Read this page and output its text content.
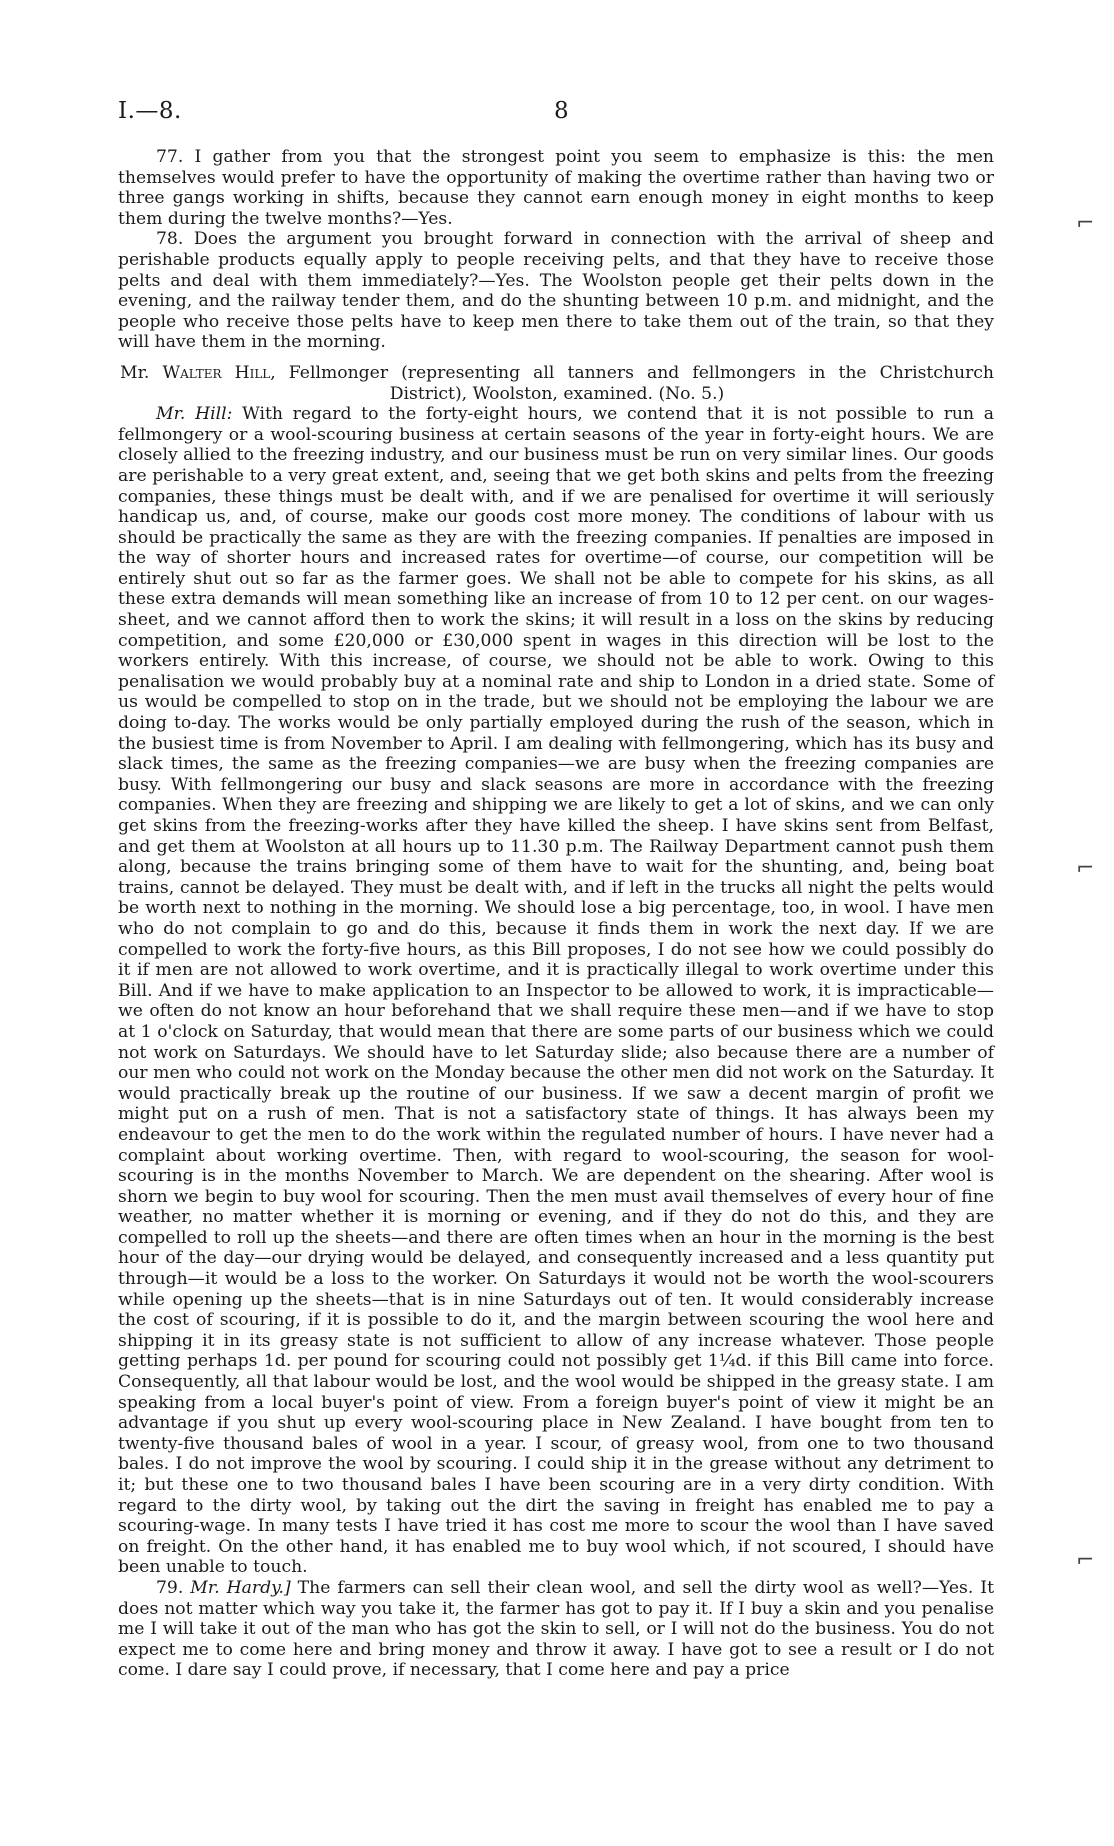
I.—8.	8

77. I gather from you that the strongest point you seem to emphasize is this: the men themselves would prefer to have the opportunity of making the overtime rather than having two or three gangs working in shifts, because they cannot earn enough money in eight months to keep them during the twelve months?—Yes.

78. Does the argument you brought forward in connection with the arrival of sheep and perishable products equally apply to people receiving pelts, and that they have to receive those pelts and deal with them immediately?—Yes. The Woolston people get their pelts down in the evening, and the railway tender them, and do the shunting between 10 p.m. and midnight, and the people who receive those pelts have to keep men there to take them out of the train, so that they will have them in the morning.

Mr. Walter Hill, Fellmonger (representing all tanners and fellmongers in the Christchurch
District), Woolston, examined. (No. 5.)

Mr. Hill: With regard to the forty-eight hours, we contend that it is not possible to run a fellmongery or a wool-scouring business at certain seasons of the year in forty-eight hours. We are closely allied to the freezing industry, and our business must be run on very similar lines. Our goods are perishable to a very great extent, and, seeing that we get both skins and pelts from the freezing companies, these things must be dealt with, and if we are penalised for overtime it will seriously handicap us, and, of course, make our goods cost more money. The conditions of labour with us should be practically the same as they are with the freezing companies. If penalties are imposed in the way of shorter hours and increased rates for overtime—of course, our competition will be entirely shut out so far as the farmer goes. We shall not be able to compete for his skins, as all these extra demands will mean something like an increase of from 10 to 12 per cent. on our wages-sheet, and we cannot afford then to work the skins; it will result in a loss on the skins by reducing competition, and some £20,000 or £30,000 spent in wages in this direction will be lost to the workers entirely. With this increase, of course, we should not be able to work. Owing to this penalisation we would probably buy at a nominal rate and ship to London in a dried state. Some of us would be compelled to stop on in the trade, but we should not be employing the labour we are doing to-day. The works would be only partially employed during the rush of the season, which in the busiest time is from November to April. I am dealing with fellmongering, which has its busy and slack times, the same as the freezing companies—we are busy when the freezing companies are busy. With fellmongering our busy and slack seasons are more in accordance with the freezing companies. When they are freezing and shipping we are likely to get a lot of skins, and we can only get skins from the freezing-works after they have killed the sheep. I have skins sent from Belfast, and get them at Woolston at all hours up to 11.30 p.m. The Railway Department cannot push them along, because the trains bringing some of them have to wait for the shunting, and, being boat trains, cannot be delayed. They must be dealt with, and if left in the trucks all night the pelts would be worth next to nothing in the morning. We should lose a big percentage, too, in wool. I have men who do not complain to go and do this, because it finds them in work the next day. If we are compelled to work the forty-five hours, as this Bill proposes, I do not see how we could possibly do it if men are not allowed to work overtime, and it is practically illegal to work overtime under this Bill. And if we have to make application to an Inspector to be allowed to work, it is impracticable—we often do not know an hour beforehand that we shall require these men—and if we have to stop at 1 o'clock on Saturday, that would mean that there are some parts of our business which we could not work on Saturdays. We should have to let Saturday slide; also because there are a number of our men who could not work on the Monday because the other men did not work on the Saturday. It would practically break up the routine of our business. If we saw a decent margin of profit we might put on a rush of men. That is not a satisfactory state of things. It has always been my endeavour to get the men to do the work within the regulated number of hours. I have never had a complaint about working overtime. Then, with regard to wool-scouring, the season for wool-scouring is in the months November to March. We are dependent on the shearing. After wool is shorn we begin to buy wool for scouring. Then the men must avail themselves of every hour of fine weather, no matter whether it is morning or evening, and if they do not do this, and they are compelled to roll up the sheets—and there are often times when an hour in the morning is the best hour of the day—our drying would be delayed, and consequently increased and a less quantity put through—it would be a loss to the worker. On Saturdays it would not be worth the wool-scourers while opening up the sheets—that is in nine Saturdays out of ten. It would considerably increase the cost of scouring, if it is possible to do it, and the margin between scouring the wool here and shipping it in its greasy state is not sufficient to allow of any increase whatever. Those people getting perhaps 1d. per pound for scouring could not possibly get 1¼d. if this Bill came into force. Consequently, all that labour would be lost, and the wool would be shipped in the greasy state. I am speaking from a local buyer's point of view. From a foreign buyer's point of view it might be an advantage if you shut up every wool-scouring place in New Zealand. I have bought from ten to twenty-five thousand bales of wool in a year. I scour, of greasy wool, from one to two thousand bales. I do not improve the wool by scouring. I could ship it in the grease without any detriment to it; but these one to two thousand bales I have been scouring are in a very dirty condition. With regard to the dirty wool, by taking out the dirt the saving in freight has enabled me to pay a scouring-wage. In many tests I have tried it has cost me more to scour the wool than I have saved on freight. On the other hand, it has enabled me to buy wool which, if not scoured, I should have been unable to touch.

79. Mr. Hardy.] The farmers can sell their clean wool, and sell the dirty wool as well?—Yes. It does not matter which way you take it, the farmer has got to pay it. If I buy a skin and you penalise me I will take it out of the man who has got the skin to sell, or I will not do the business. You do not expect me to come here and bring money and throw it away. I have got to see a result or I do not come. I dare say I could prove, if necessary, that I come here and pay a price

⌐
⌐
⌐
